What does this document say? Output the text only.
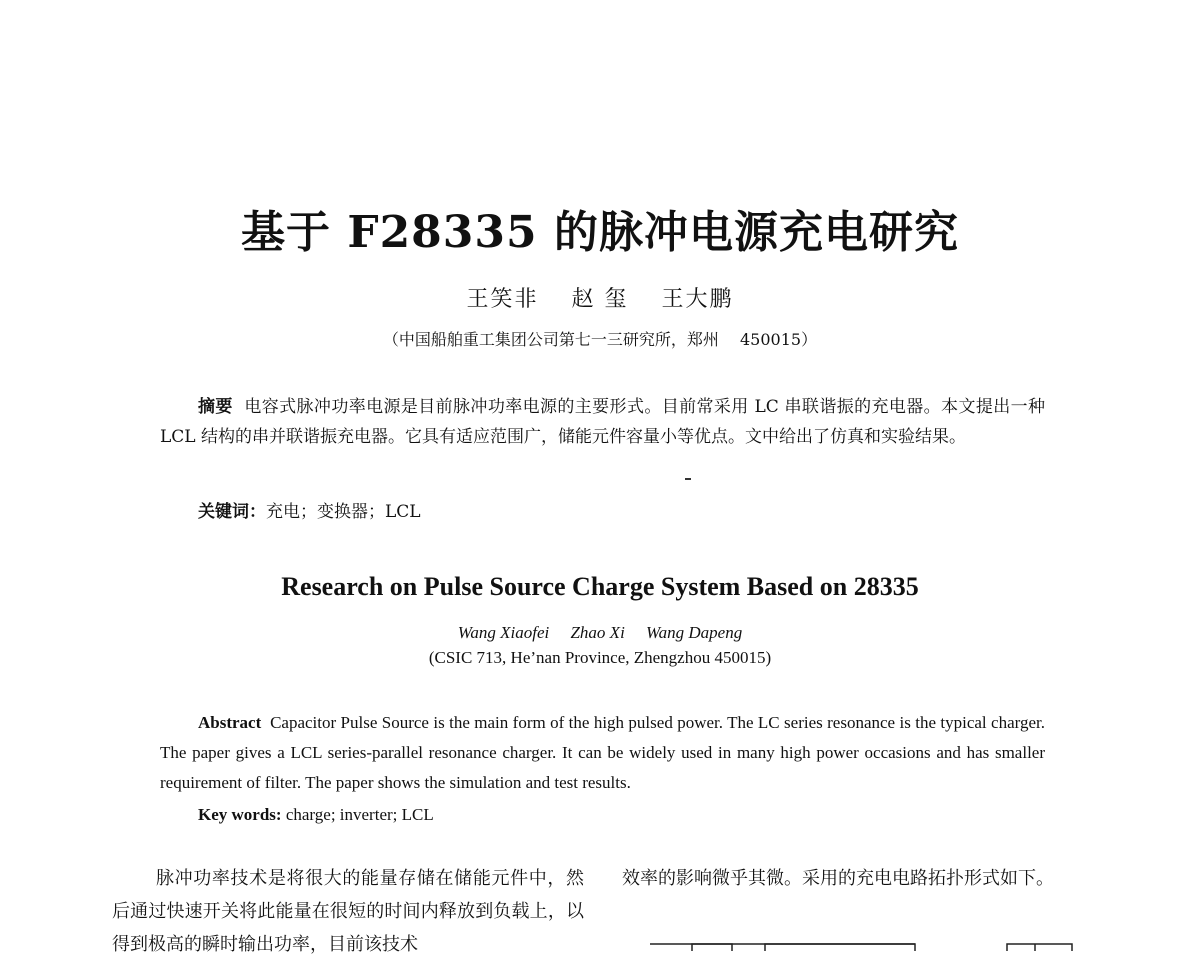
基于 F28335 的脉冲电源充电研究
王笑非　 赵 玺　 王大鹏
（中国船舶重工集团公司第七一三研究所，郑州　 450015）

摘要 电容式脉冲功率电源是目前脉冲功率电源的主要形式。目前常采用 LC 串联谐振的充电器。本文提出一种 LCL 结构的串并联谐振充电器。它具有适应范围广，储能元件容量小等优点。文中给出了仿真和实验结果。

关键词：充电；变换器；LCL

Research on Pulse Source Charge System Based on 28335
Wang Xiaofei　 Zhao Xi　 Wang Dapeng
(CSIC 713, He’nan Province, Zhengzhou 450015)

Abstract Capacitor Pulse Source is the main form of the high pulsed power. The LC series resonance is the typical charger. The paper gives a LCL series-parallel resonance charger. It can be widely used in many high power occasions and has smaller requirement of filter. The paper shows the simulation and test results.

Key words: charge; inverter; LCL

脉冲功率技术是将很大的能量存储在储能元件中，然后通过快速开关将此能量在很短的时间内释放到负载上，以得到极高的瞬时输出功率，目前该技术

效率的影响微乎其微。采用的充电电路拓扑形式如下。
